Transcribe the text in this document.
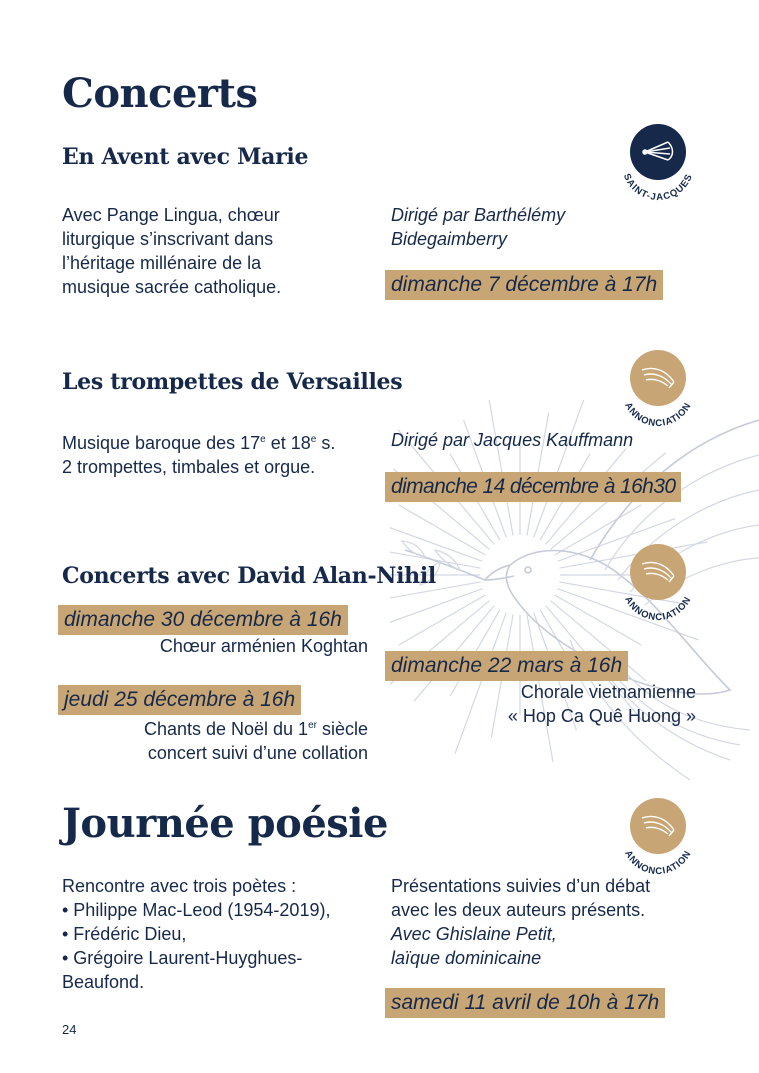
Concerts
En Avent avec Marie
SAINT-JACQUES
Avec Pange Lingua, chœur
liturgique s’inscrivant dans
l’héritage millénaire de la
musique sacrée catholique.
Dirigé par Barthélémy
Bidegaimberry
dimanche 7 décembre à 17h
Les trompettes de Versailles
ANNONCIATION
Musique baroque des 17e et 18e s.
2 trompettes, timbales et orgue.
Dirigé par Jacques Kauffmann
dimanche 14 décembre à 16h30
Concerts avec David Alan-Nihil
ANNONCIATION
dimanche 30 décembre à 16h
Chœur arménien Koghtan
jeudi 25 décembre à 16h
Chants de Noël du 1er siècle
concert suivi d’une collation
dimanche 22 mars à 16h
Chorale vietnamienne
« Hop Ca Quê Huong »
Journée poésie
ANNONCIATION
Rencontre avec trois poètes :
• Philippe Mac-Leod (1954-2019),
• Frédéric Dieu,
• Grégoire Laurent-Huyghues-
Beaufond.
Présentations suivies d’un débat
avec les deux auteurs présents.
Avec Ghislaine Petit,
laïque dominicaine
samedi 11 avril de 10h à 17h
24
